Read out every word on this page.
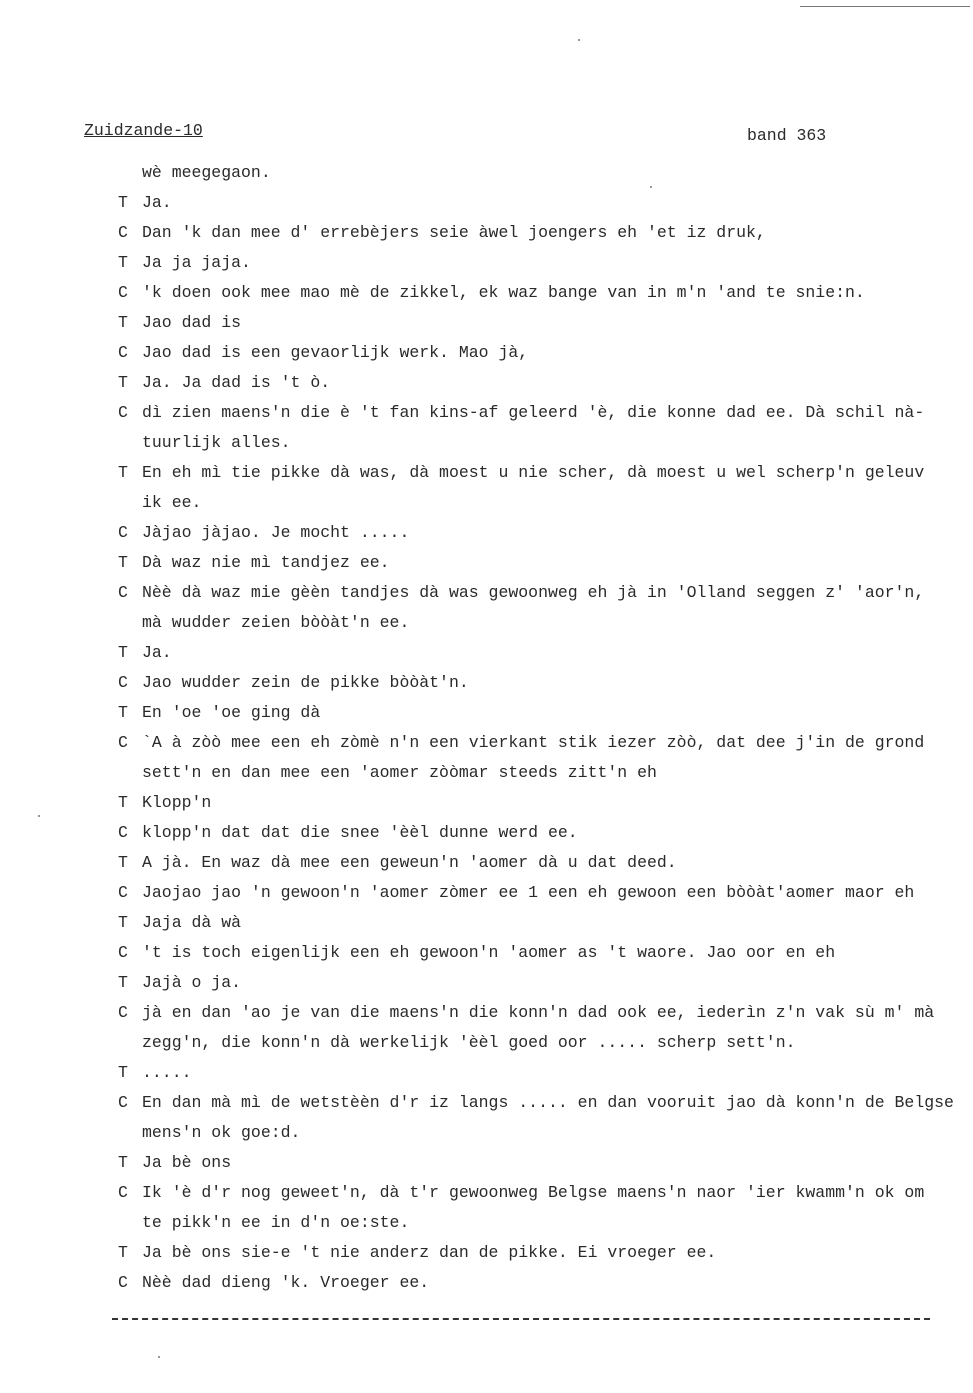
Zuidzande-10	band 363
wè meegegaon.
T Ja.
C Dan 'k dan mee d' errebèjers seie àwel joengers eh 'et iz druk,
T Ja ja jaja.
C 'k doen ook mee mao mè de zikkel, ek waz bange van in m'n 'and te snie:n.
T Jao dad is
C Jao dad is een gevaorlijk werk. Mao jà,
T Ja. Ja dad is 't ò.
C dì zien maens'n die è 't fan kins-af geleerd 'è, die konne dad ee. Dà schil nà-
tuurlijk alles.
T En eh mì tie pikke dà was, dà moest u nie scher, dà moest u wel scherp'n geleuv
ik ee.
C Jàjao jàjao. Je mocht .....
T Dà waz nie mì tandjez ee.
C Nèè dà waz mie gèèn tandjes dà was gewoonweg eh jà in 'Olland seggen z' 'aor'n,
mà wudder zeien bòòàt'n ee.
T Ja.
C Jao wudder zein de pikke bòòàt'n.
T En 'oe 'oe ging dà
C `A à zòò mee een eh zòmè n'n een vierkant stik iezer zòò, dat dee j'in de grond
sett'n en dan mee een 'aomer zòòmar steeds zitt'n eh
T Klopp'n
C klopp'n dat dat die snee 'èèl dunne werd ee.
T A jà. En waz dà mee een geweun'n 'aomer dà u dat deed.
C Jaojao jao 'n gewoon'n 'aomer zòmer ee 1 een eh gewoon een bòòàt'aomer maor eh
T Jaja dà wà
C 't is toch eigenlijk een eh gewoon'n 'aomer as 't waore. Jao oor en eh
T Jajà o ja.
C jà en dan 'ao je van die maens'n die konn'n dad ook ee, iederìn z'n vak sù m' mà
zegg'n, die konn'n dà werkelijk 'èèl goed oor ..... scherp sett'n.
T .....
C En dan mà mì de wetstèèn d'r iz langs ..... en dan vooruit jao dà konn'n de Belgse
mens'n ok goe:d.
T Ja bè ons
C Ik 'è d'r nog geweet'n, dà t'r gewoonweg Belgse maens'n naor 'ier kwamm'n ok om
te pikk'n ee in d'n oe:ste.
T Ja bè ons sie-e 't nie anderz dan de pikke. Ei vroeger ee.
C Nèè dad dieng 'k. Vroeger ee.
